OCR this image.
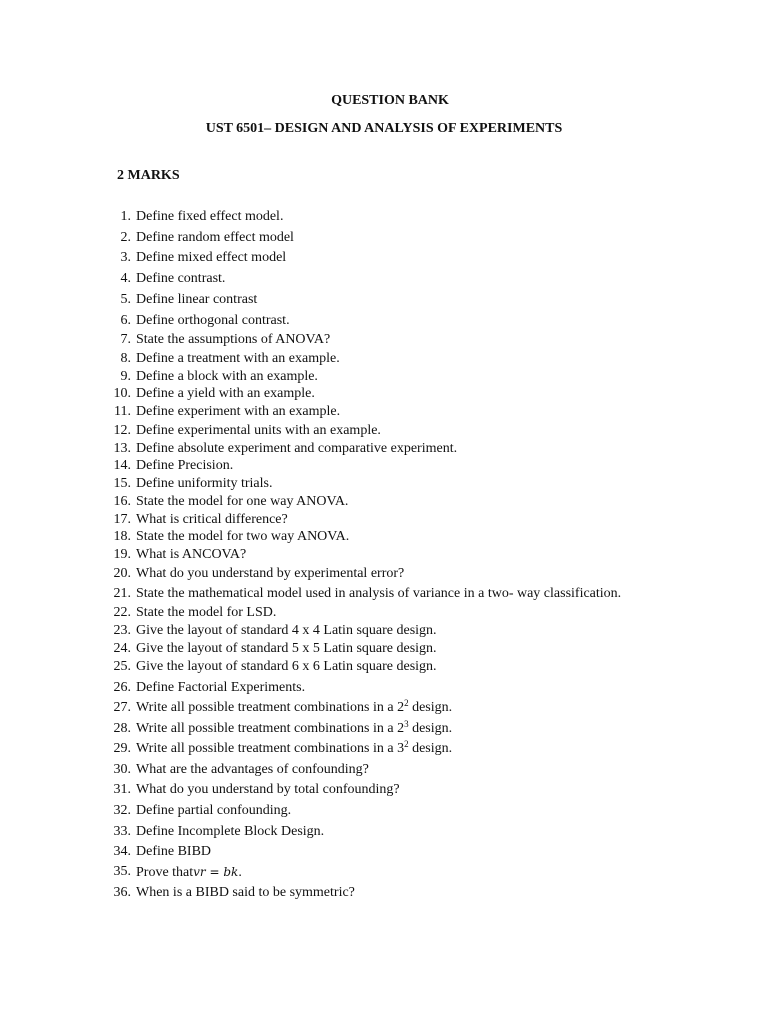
QUESTION BANK
UST 6501– DESIGN AND ANALYSIS OF EXPERIMENTS
2 MARKS
1. Define fixed effect model.
2. Define random effect model
3. Define mixed effect model
4. Define contrast.
5. Define linear contrast
6. Define orthogonal contrast.
7. State the assumptions of ANOVA?
8. Define a treatment with an example.
9. Define a block with an example.
10. Define a yield with an example.
11. Define experiment with an example.
12. Define experimental units with an example.
13. Define absolute experiment and comparative experiment.
14. Define Precision.
15. Define uniformity trials.
16. State the model for one way ANOVA.
17. What is critical difference?
18. State the model for two way ANOVA.
19. What is ANCOVA?
20. What do you understand by experimental error?
21. State the mathematical model used in analysis of variance in a two- way classification.
22. State the model for LSD.
23. Give the layout of standard 4 x 4 Latin square design.
24. Give the layout of standard 5 x 5 Latin square design.
25. Give the layout of standard 6 x 6 Latin square design.
26. Define Factorial Experiments.
27. Write all possible treatment combinations in a $2^2$ design.
28. Write all possible treatment combinations in a $2^3$ design.
29. Write all possible treatment combinations in a $3^2$ design.
30. What are the advantages of confounding?
31. What do you understand by total confounding?
32. Define partial confounding.
33. Define Incomplete Block Design.
34. Define BIBD
35. Prove thatvr = bk.
36. When is a BIBD said to be symmetric?
